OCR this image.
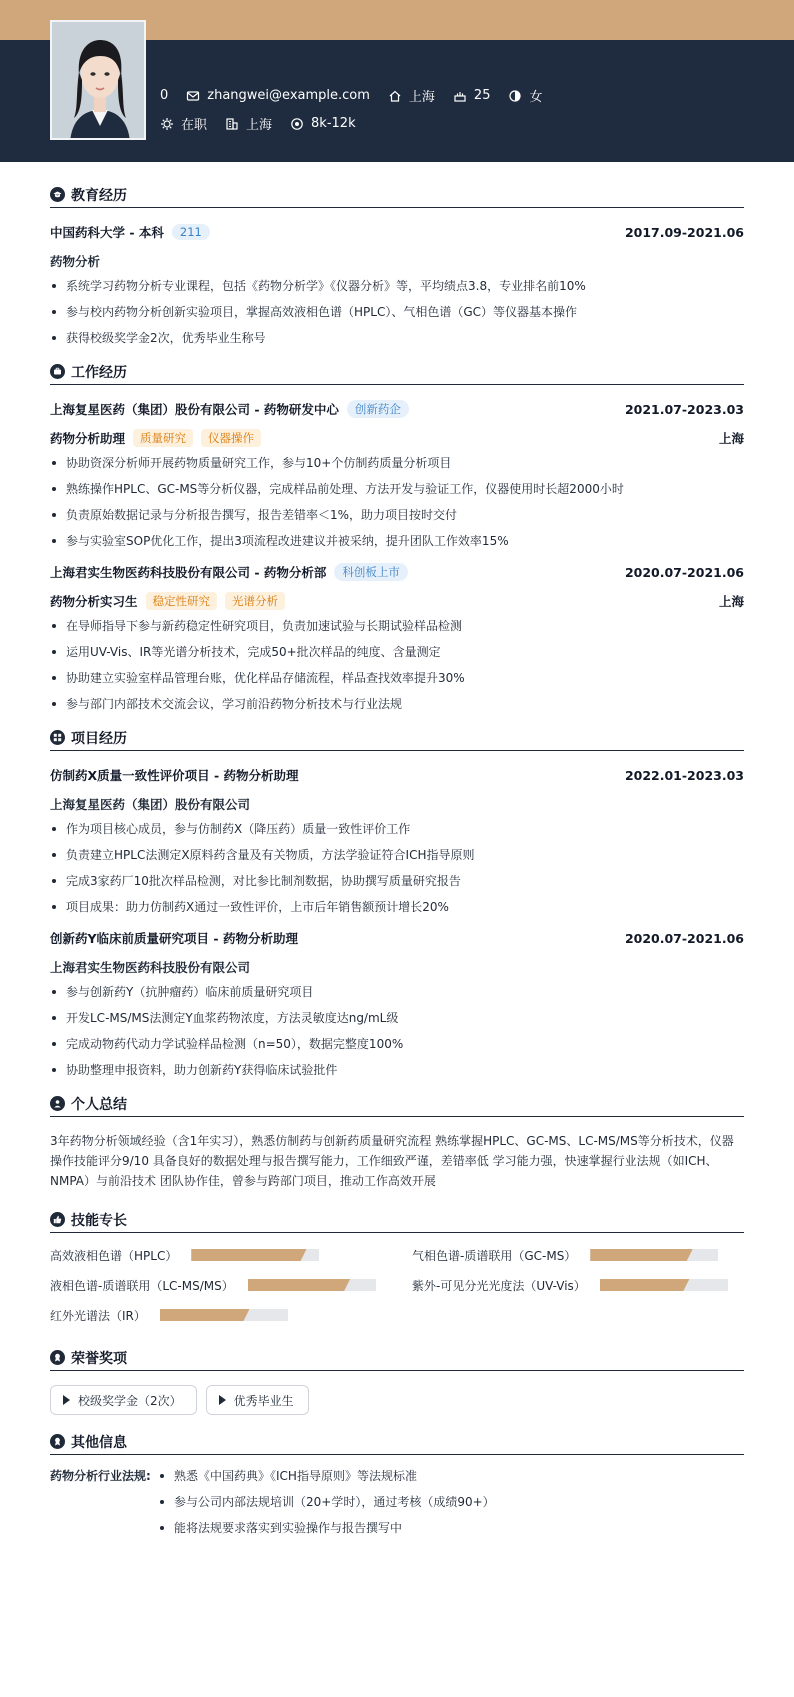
0	zhangwei@example.com	上海	25	女
在职	上海	8k-12k
教育经历
中国药科大学 - 本科	211	2017.09-2021.06
药物分析
系统学习药物分析专业课程，包括《药物分析学》《仪器分析》等，平均绩点3.8，专业排名前10%
参与校内药物分析创新实验项目，掌握高效液相色谱（HPLC）、气相色谱（GC）等仪器基本操作
获得校级奖学金2次，优秀毕业生称号
工作经历
上海复星医药（集团）股份有限公司 - 药物研发中心	创新药企	2021.07-2023.03
药物分析助理	质量研究	仪器操作	上海
协助资深分析师开展药物质量研究工作，参与10+个仿制药质量分析项目
熟练操作HPLC、GC-MS等分析仪器，完成样品前处理、方法开发与验证工作，仪器使用时长超2000小时
负责原始数据记录与分析报告撰写，报告差错率＜1%，助力项目按时交付
参与实验室SOP优化工作，提出3项流程改进建议并被采纳，提升团队工作效率15%
上海君实生物医药科技股份有限公司 - 药物分析部	科创板上市	2020.07-2021.06
药物分析实习生	稳定性研究	光谱分析	上海
在导师指导下参与新药稳定性研究项目，负责加速试验与长期试验样品检测
运用UV-Vis、IR等光谱分析技术，完成50+批次样品的纯度、含量测定
协助建立实验室样品管理台账，优化样品存储流程，样品查找效率提升30%
参与部门内部技术交流会议，学习前沿药物分析技术与行业法规
项目经历
仿制药X质量一致性评价项目 - 药物分析助理	2022.01-2023.03
上海复星医药（集团）股份有限公司
作为项目核心成员，参与仿制药X（降压药）质量一致性评价工作
负责建立HPLC法测定X原料药含量及有关物质，方法学验证符合ICH指导原则
完成3家药厂10批次样品检测，对比参比制剂数据，协助撰写质量研究报告
项目成果：助力仿制药X通过一致性评价，上市后年销售额预计增长20%
创新药Y临床前质量研究项目 - 药物分析助理	2020.07-2021.06
上海君实生物医药科技股份有限公司
参与创新药Y（抗肿瘤药）临床前质量研究项目
开发LC-MS/MS法测定Y血浆药物浓度，方法灵敏度达ng/mL级
完成动物药代动力学试验样品检测（n=50），数据完整度100%
协助整理申报资料，助力创新药Y获得临床试验批件
个人总结

3年药物分析领域经验（含1年实习），熟悉仿制药与创新药质量研究流程 熟练掌握HPLC、GC-MS、LC-MS/MS等分析技术，仪器操作技能评分9/10 具备良好的数据处理与报告撰写能力，工作细致严谨，差错率低 学习能力强，快速掌握行业法规（如ICH、NMPA）与前沿技术 团队协作佳，曾参与跨部门项目，推动工作高效开展

技能专长
高效液相色谱（HPLC）	气相色谱-质谱联用（GC-MS）
液相色谱-质谱联用（LC-MS/MS）	紫外-可见分光光度法（UV-Vis）
红外光谱法（IR）
荣誉奖项
校级奖学金（2次）	优秀毕业生
其他信息
药物分析行业法规:	熟悉《中国药典》《ICH指导原则》等法规标准
参与公司内部法规培训（20+学时），通过考核（成绩90+）
能将法规要求落实到实验操作与报告撰写中
